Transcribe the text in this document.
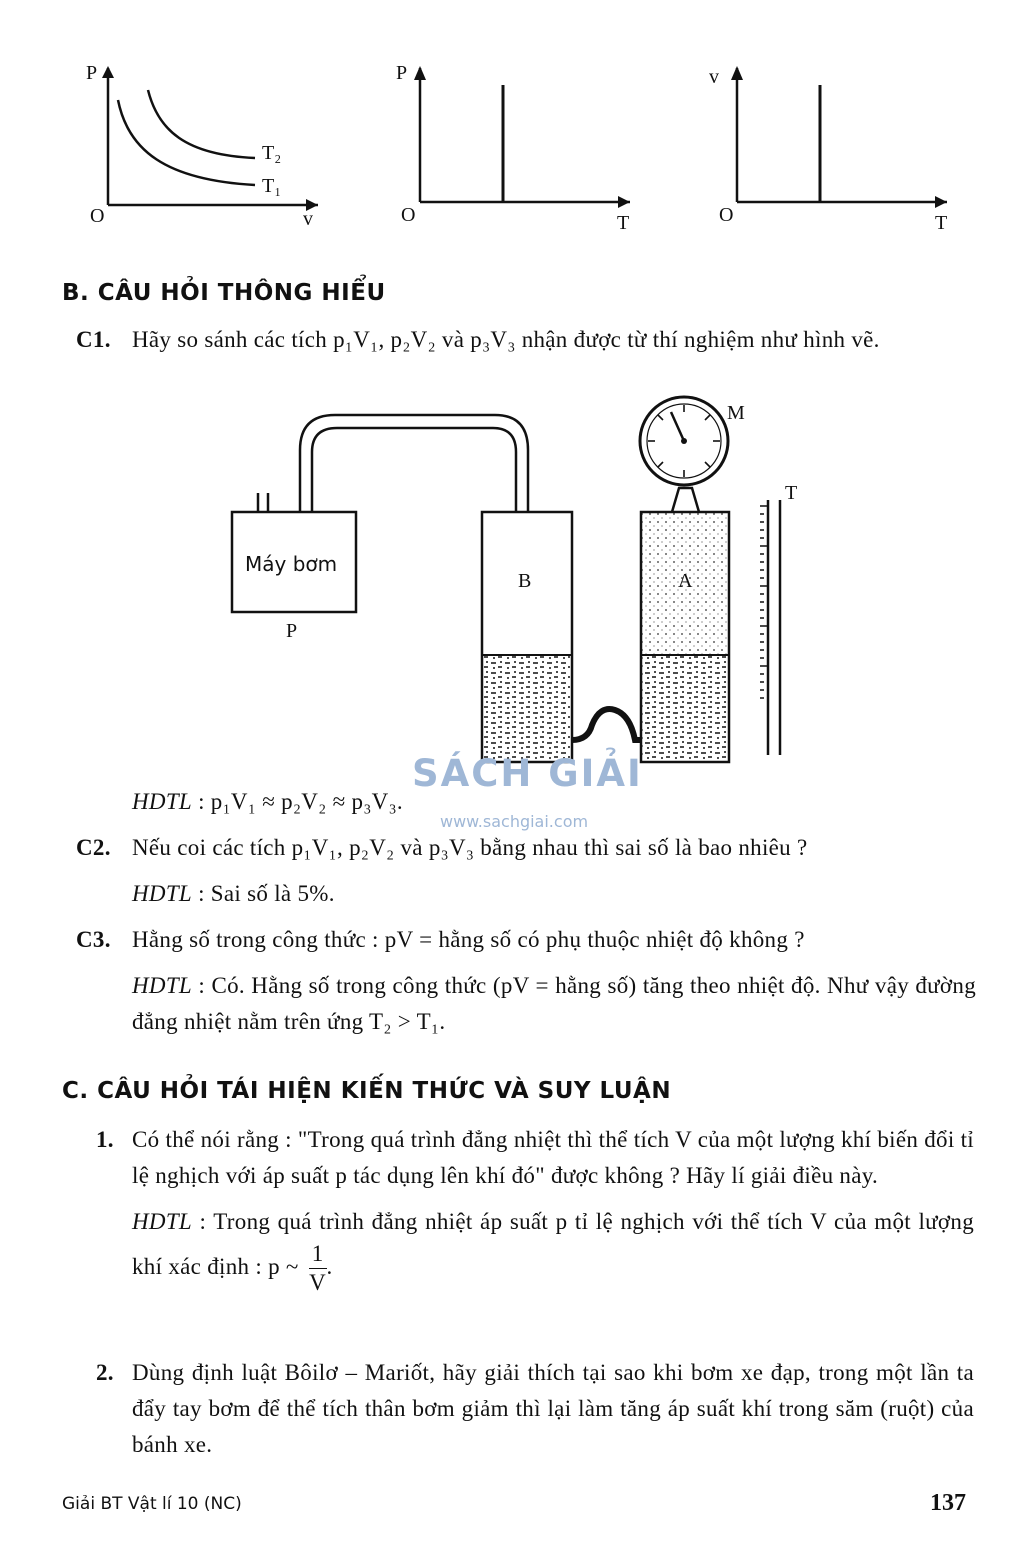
P
O	v
T₂
T₁
P
O	T
v
O	T
B. CÂU HỎI THÔNG HIỂU
C1. Hãy so sánh các tích p₁V₁, p₂V₂ và p₃V₃ nhận được từ thí nghiệm như hình vẽ.
Máy bơm
P
B	A
M
T
SÁCH GIẢI
www.sachgiai.com
HDTL : p₁V₁ ≈ p₂V₂ ≈ p₃V₃.
C2. Nếu coi các tích p₁V₁, p₂V₂ và p₃V₃ bằng nhau thì sai số là bao nhiêu ?
HDTL : Sai số là 5%.
C3. Hằng số trong công thức : pV = hằng số có phụ thuộc nhiệt độ không ?
HDTL : Có. Hằng số trong công thức (pV = hằng số) tăng theo nhiệt độ. Như vậy đường đẳng nhiệt nằm trên ứng T₂ > T₁.
C. CÂU HỎI TÁI HIỆN KIẾN THỨC VÀ SUY LUẬN
1. Có thể nói rằng : "Trong quá trình đẳng nhiệt thì thể tích V của một lượng khí biến đổi tỉ lệ nghịch với áp suất p tác dụng lên khí đó" được không ? Hãy lí giải điều này.
HDTL : Trong quá trình đẳng nhiệt áp suất p tỉ lệ nghịch với thể tích V của một lượng khí xác định : p ~ $\frac{1}{V}$ .
2. Dùng định luật Bôilơ – Mariốt, hãy giải thích tại sao khi bơm xe đạp, trong một lần ta đẩy tay bơm để thể tích thân bơm giảm thì lại làm tăng áp suất khí trong săm (ruột) của bánh xe.
Giải BT Vật lí 10 (NC)	137
